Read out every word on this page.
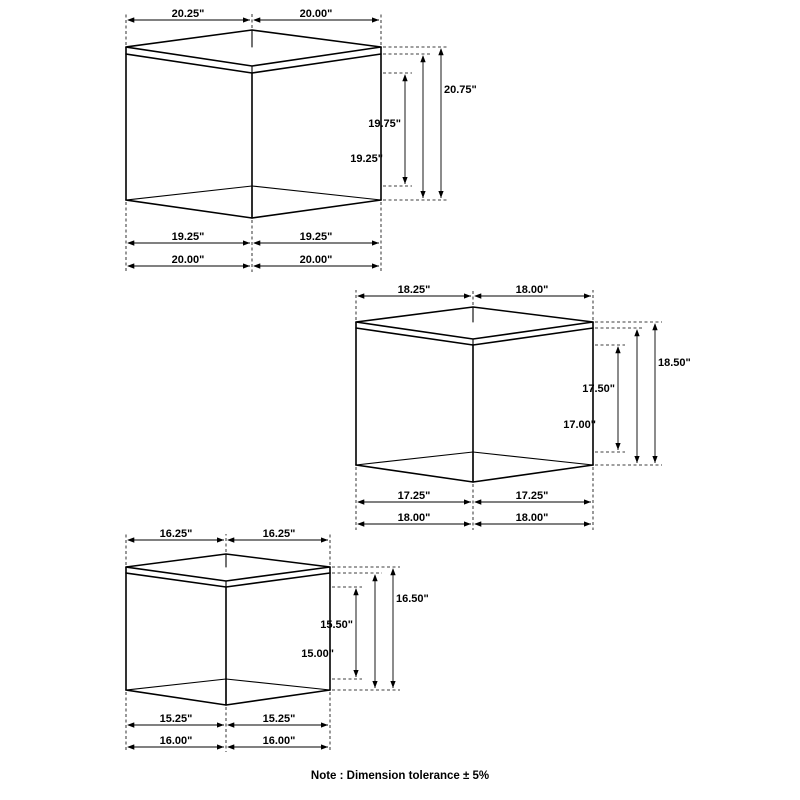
20.25"	20.00"
20.75"
19.75"
19.25"
19.25"	19.25"
20.00"	20.00"
18.25"	18.00"
18.50"
17.50"
17.00"
17.25"	17.25"
18.00"	18.00"
16.25"	16.25"
16.50"
15.50"
15.00"
15.25"	15.25"
16.00"	16.00"
Note : Dimension tolerance ± 5%
